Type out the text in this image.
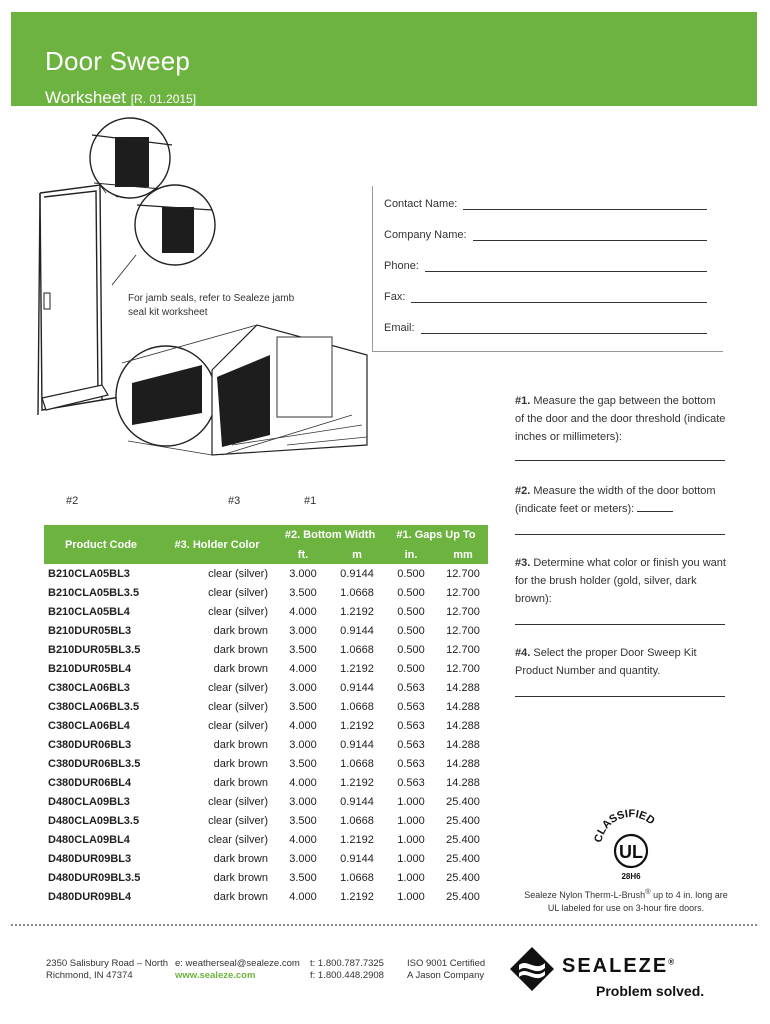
Door Sweep
Worksheet [R. 01.2015]
For jamb seals, refer to Sealeze jamb seal kit worksheet
Contact Name:
Company Name:
Phone:
Fax:
Email:
#1. Measure the gap between the bottom of the door and the door threshold (indicate inches or millimeters):
#2. Measure the width of the door bottom (indicate feet or meters):
#3. Determine what color or finish you want for the brush holder (gold, silver, dark brown):
#4. Select the proper Door Sweep Kit Product Number and quantity.
#2	#3	#1
Product Code	#3. Holder Color	#2. Bottom Width		#1. Gaps Up To	
		ft.	m	in.	mm
B210CLA05BL3	clear (silver)	3.000	0.9144	0.500	12.700
B210CLA05BL3.5	clear (silver)	3.500	1.0668	0.500	12.700
B210CLA05BL4	clear (silver)	4.000	1.2192	0.500	12.700
B210DUR05BL3	dark brown	3.000	0.9144	0.500	12.700
B210DUR05BL3.5	dark brown	3.500	1.0668	0.500	12.700
B210DUR05BL4	dark brown	4.000	1.2192	0.500	12.700
C380CLA06BL3	clear (silver)	3.000	0.9144	0.563	14.288
C380CLA06BL3.5	clear (silver)	3.500	1.0668	0.563	14.288
C380CLA06BL4	clear (silver)	4.000	1.2192	0.563	14.288
C380DUR06BL3	dark brown	3.000	0.9144	0.563	14.288
C380DUR06BL3.5	dark brown	3.500	1.0668	0.563	14.288
C380DUR06BL4	dark brown	4.000	1.2192	0.563	14.288
D480CLA09BL3	clear (silver)	3.000	0.9144	1.000	25.400
D480CLA09BL3.5	clear (silver)	3.500	1.0668	1.000	25.400
D480CLA09BL4	clear (silver)	4.000	1.2192	1.000	25.400
D480DUR09BL3	dark brown	3.000	0.9144	1.000	25.400
D480DUR09BL3.5	dark brown	3.500	1.0668	1.000	25.400
D480DUR09BL4	dark brown	4.000	1.2192	1.000	25.400
CLASSIFIED
UL
28H6
Sealeze Nylon Therm-L-Brush® up to 4 in. long are UL labeled for use on 3-hour fire doors.
2350 Salisbury Road – North
Richmond, IN 47374
e: weatherseal@sealeze.com
www.sealeze.com
t: 1.800.787.7325
f: 1.800.448.2908
ISO 9001 Certified
A Jason Company	SEALEZE®
Problem solved.
